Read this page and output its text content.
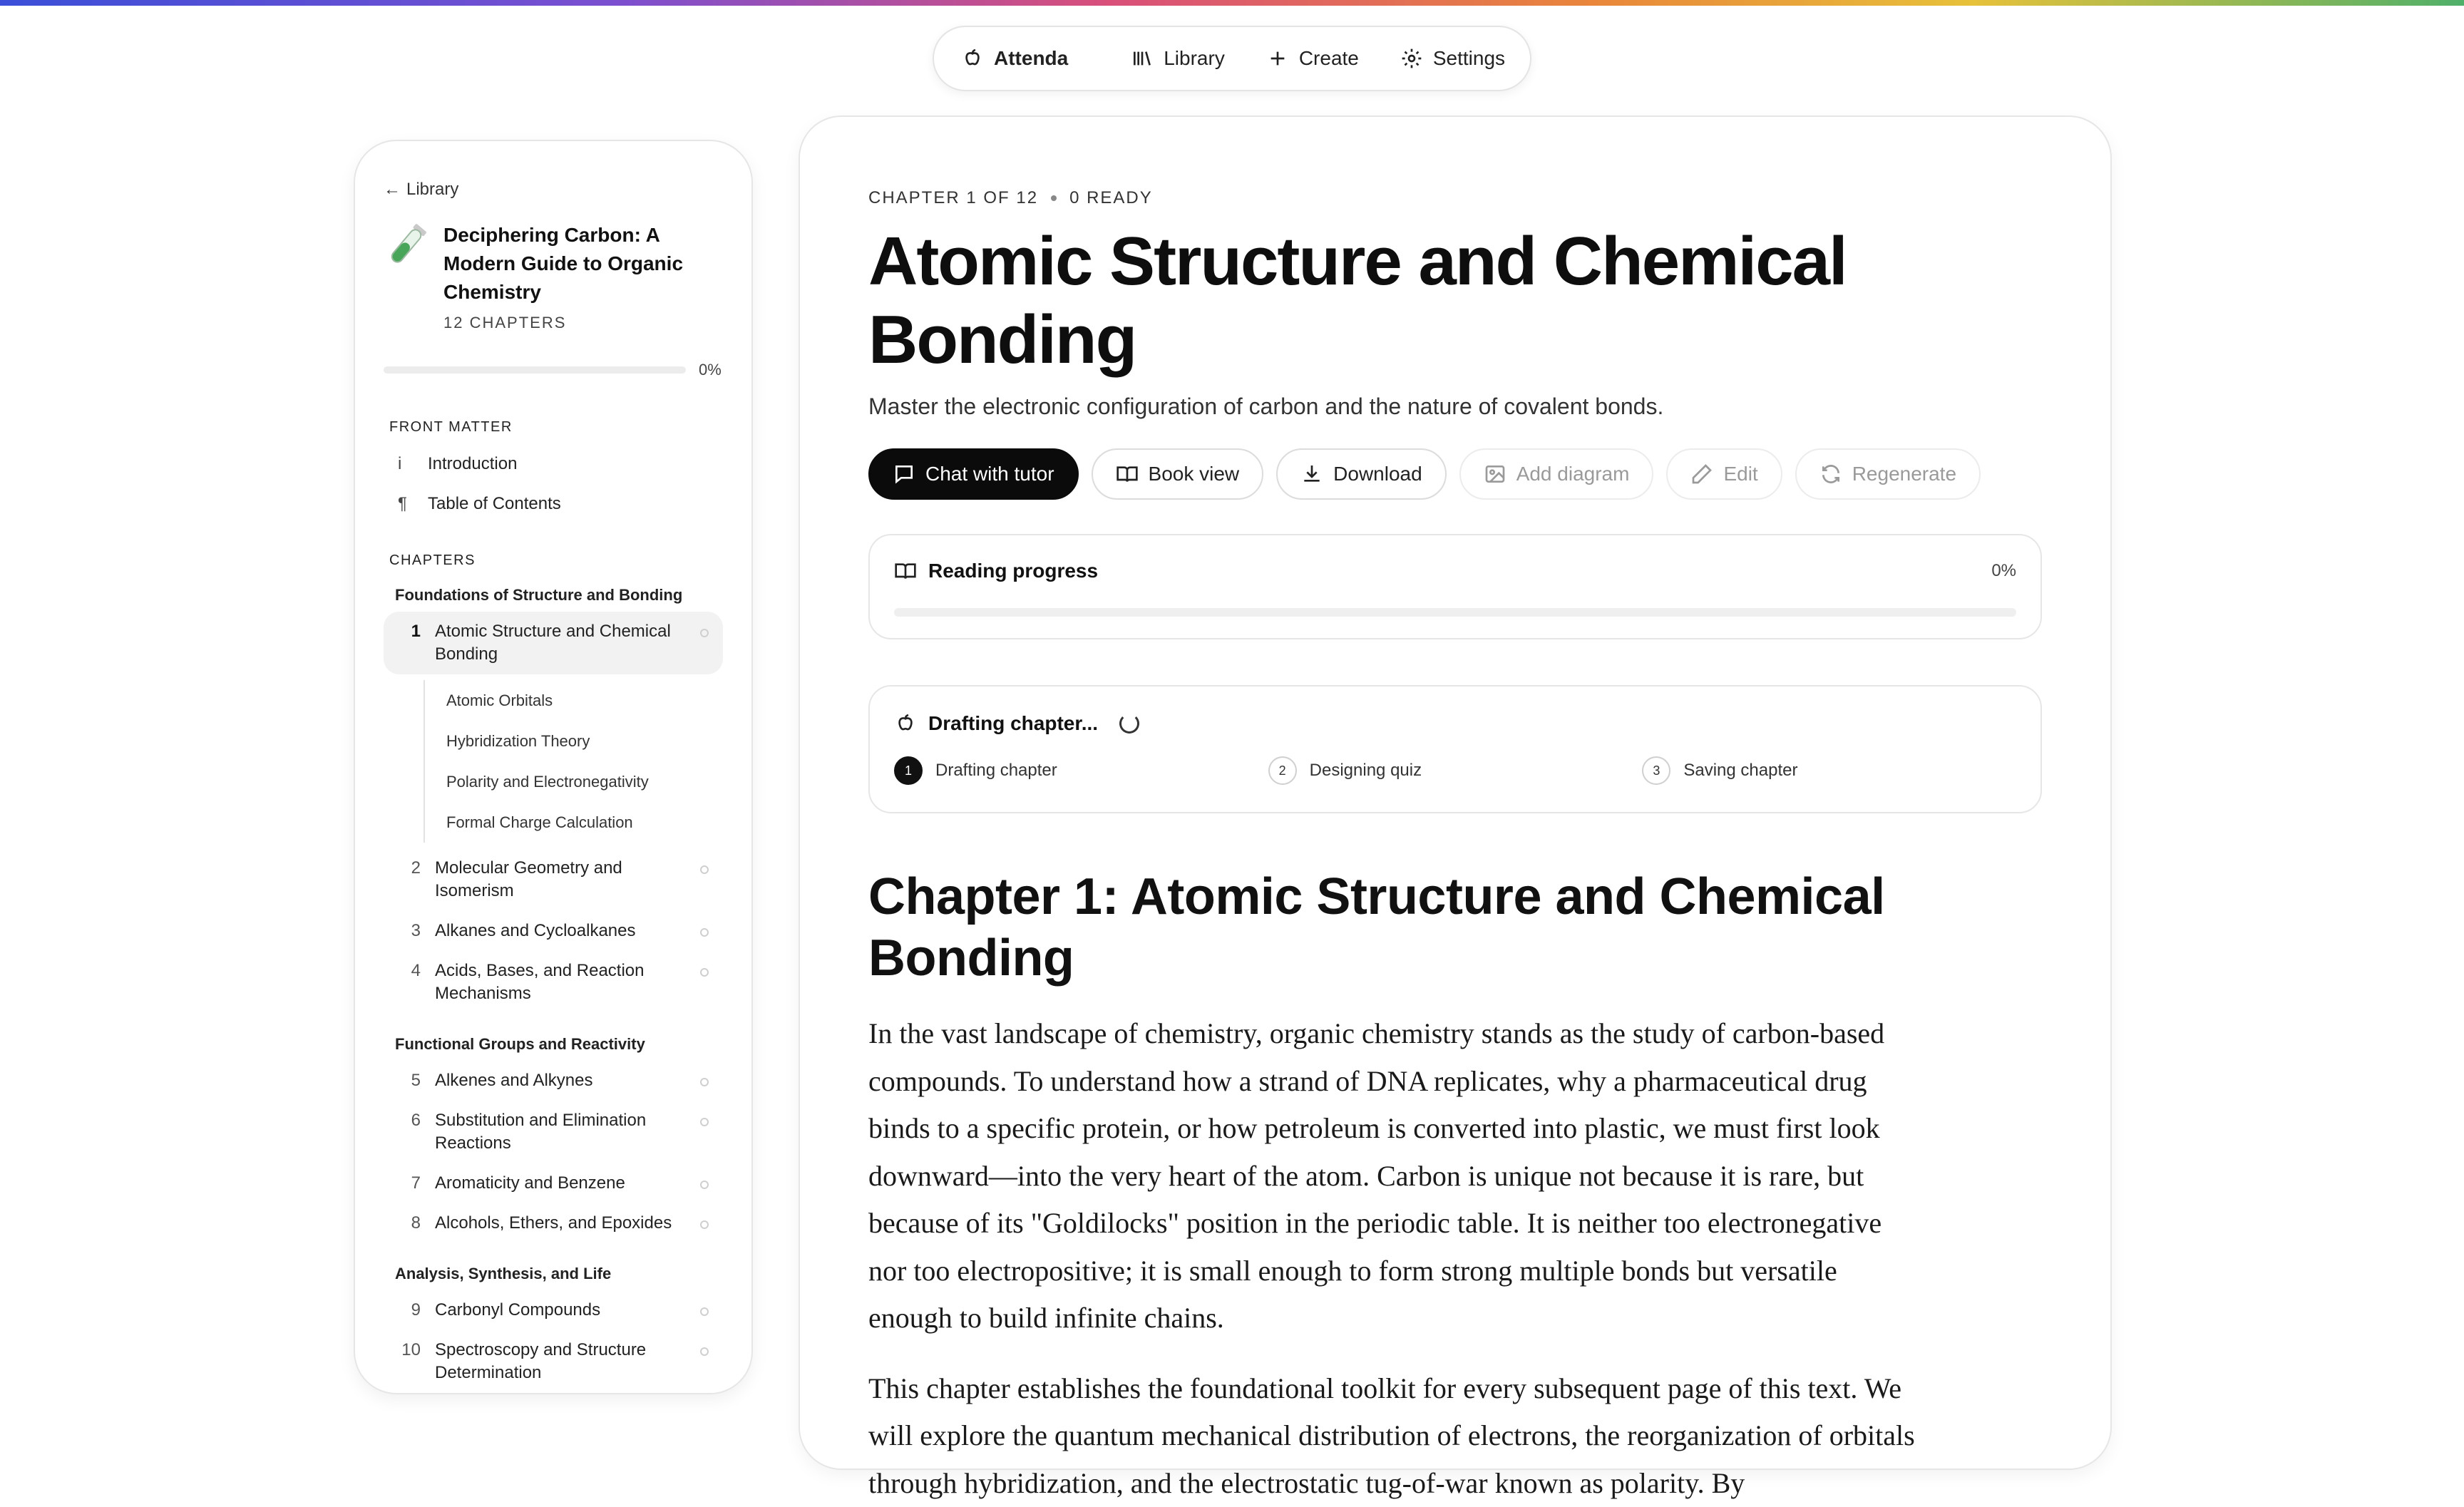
Attenda	Library	Create	Settings
← Library
Deciphering Carbon: A Modern Guide to Organic Chemistry
12 CHAPTERS
0%
FRONT MATTER
i	Introduction
¶	Table of Contents
CHAPTERS
Foundations of Structure and Bonding
1 Atomic Structure and Chemical Bonding
Atomic Orbitals
Hybridization Theory
Polarity and Electronegativity
Formal Charge Calculation
2 Molecular Geometry and Isomerism
3 Alkanes and Cycloalkanes
4 Acids, Bases, and Reaction Mechanisms
Functional Groups and Reactivity
5 Alkenes and Alkynes
6 Substitution and Elimination Reactions
7 Aromaticity and Benzene
8 Alcohols, Ethers, and Epoxides
Analysis, Synthesis, and Life
9 Carbonyl Compounds
10 Spectroscopy and Structure Determination
CHAPTER 1 OF 12 0 READY
Atomic Structure and Chemical Bonding
Master the electronic configuration of carbon and the nature of covalent bonds.
Chat with tutor	Book view	Download	Add diagram	Edit	Regenerate
Reading progress	0%
Drafting chapter...
1	Drafting chapter	2	Designing quiz	3	Saving chapter
Chapter 1: Atomic Structure and Chemical Bonding

In the vast landscape of chemistry, organic chemistry stands as the study of carbon-based compounds. To understand how a strand of DNA replicates, why a pharmaceutical drug binds to a specific protein, or how petroleum is converted into plastic, we must first look downward—into the very heart of the atom. Carbon is unique not because it is rare, but because of its "Goldilocks" position in the periodic table. It is neither too electronegative nor too electropositive; it is small enough to form strong multiple bonds but versatile enough to build infinite chains.

This chapter establishes the foundational toolkit for every subsequent page of this text. We will explore the quantum mechanical distribution of electrons, the reorganization of orbitals through hybridization, and the electrostatic tug-of-war known as polarity. By
